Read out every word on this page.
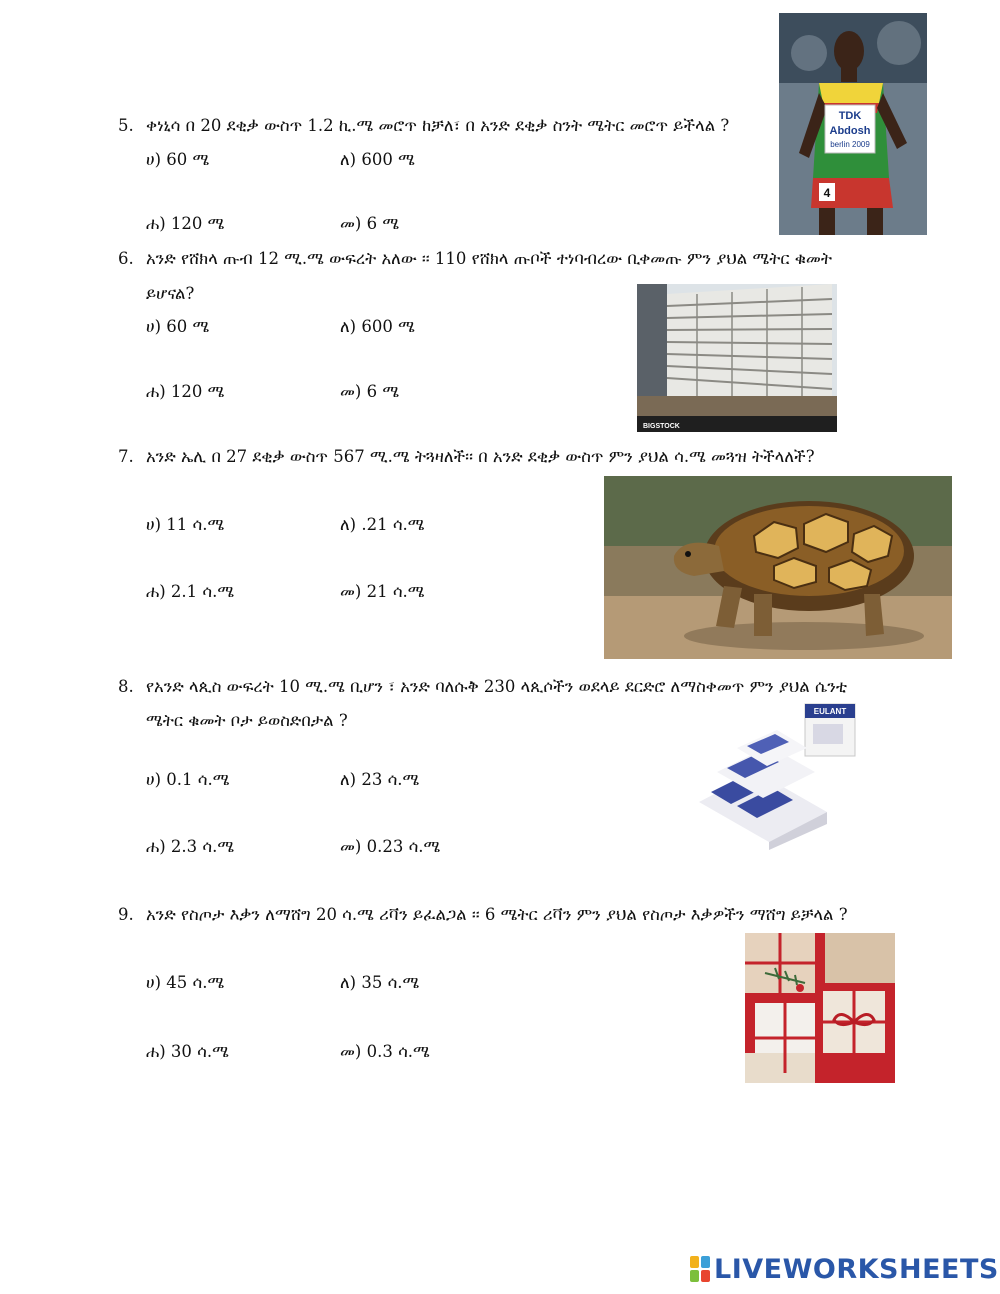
5. ቀነኒሳ በ 20 ደቂቃ ውስጥ 1.2 ኪ.ሜ መሮጥ ከቻለ፣ በ አንድ ደቂቃ ስንት ሜትር መሮጥ ይችላል ?
ሀ) 60 ሜ	ለ) 600 ሜ
ሐ) 120 ሜ	መ) 6 ሜ
6. አንድ የሸክላ ጡብ 12 ሚ.ሜ ውፍረት አለው ፡፡ 110 የሸክላ ጡቦች ተነባብረው ቢቀመጡ ምን ያህል ሜትር ቁመት
ይሆናል?
ሀ) 60 ሜ	ለ) 600 ሜ
ሐ) 120 ሜ	መ) 6 ሜ
7. አንድ ኤሊ በ 27 ደቂቃ ውስጥ 567 ሚ.ሜ ትጓዛለች፡፡ በ አንድ ደቂቃ ውስጥ ምን ያህል ሳ.ሜ መጓዝ ትችላለች?
ሀ) 11 ሳ.ሜ	ለ) .21 ሳ.ሜ
ሐ) 2.1 ሳ.ሜ	መ) 21 ሳ.ሜ
8. የአንድ ላጲስ ውፍረት 10 ሚ.ሜ ቢሆን ፣ አንድ ባለሱቅ 230 ላጲሶችን ወደላይ ደርድሮ ለማስቀመጥ ምን ያህል ሴንቲ
ሜትር ቁመት ቦታ ይወስድበታል ?
ሀ) 0.1 ሳ.ሜ	ለ) 23 ሳ.ሜ
ሐ) 2.3 ሳ.ሜ	መ) 0.23 ሳ.ሜ
9. አንድ የስጦታ እቃን ለማሸግ 20 ሳ.ሜ ሪቫን ይፈልጋል ፡፡ 6 ሜትር ሪቫን ምን ያህል የስጦታ እቃዎችን ማሸግ ይቻላል ?
ሀ) 45 ሳ.ሜ	ለ) 35 ሳ.ሜ
ሐ) 30 ሳ.ሜ	መ) 0.3 ሳ.ሜ
TDK
Abdosh
berlin 2009
4
BIGSTOCK
EULANT
LIVEWORKSHEETS
